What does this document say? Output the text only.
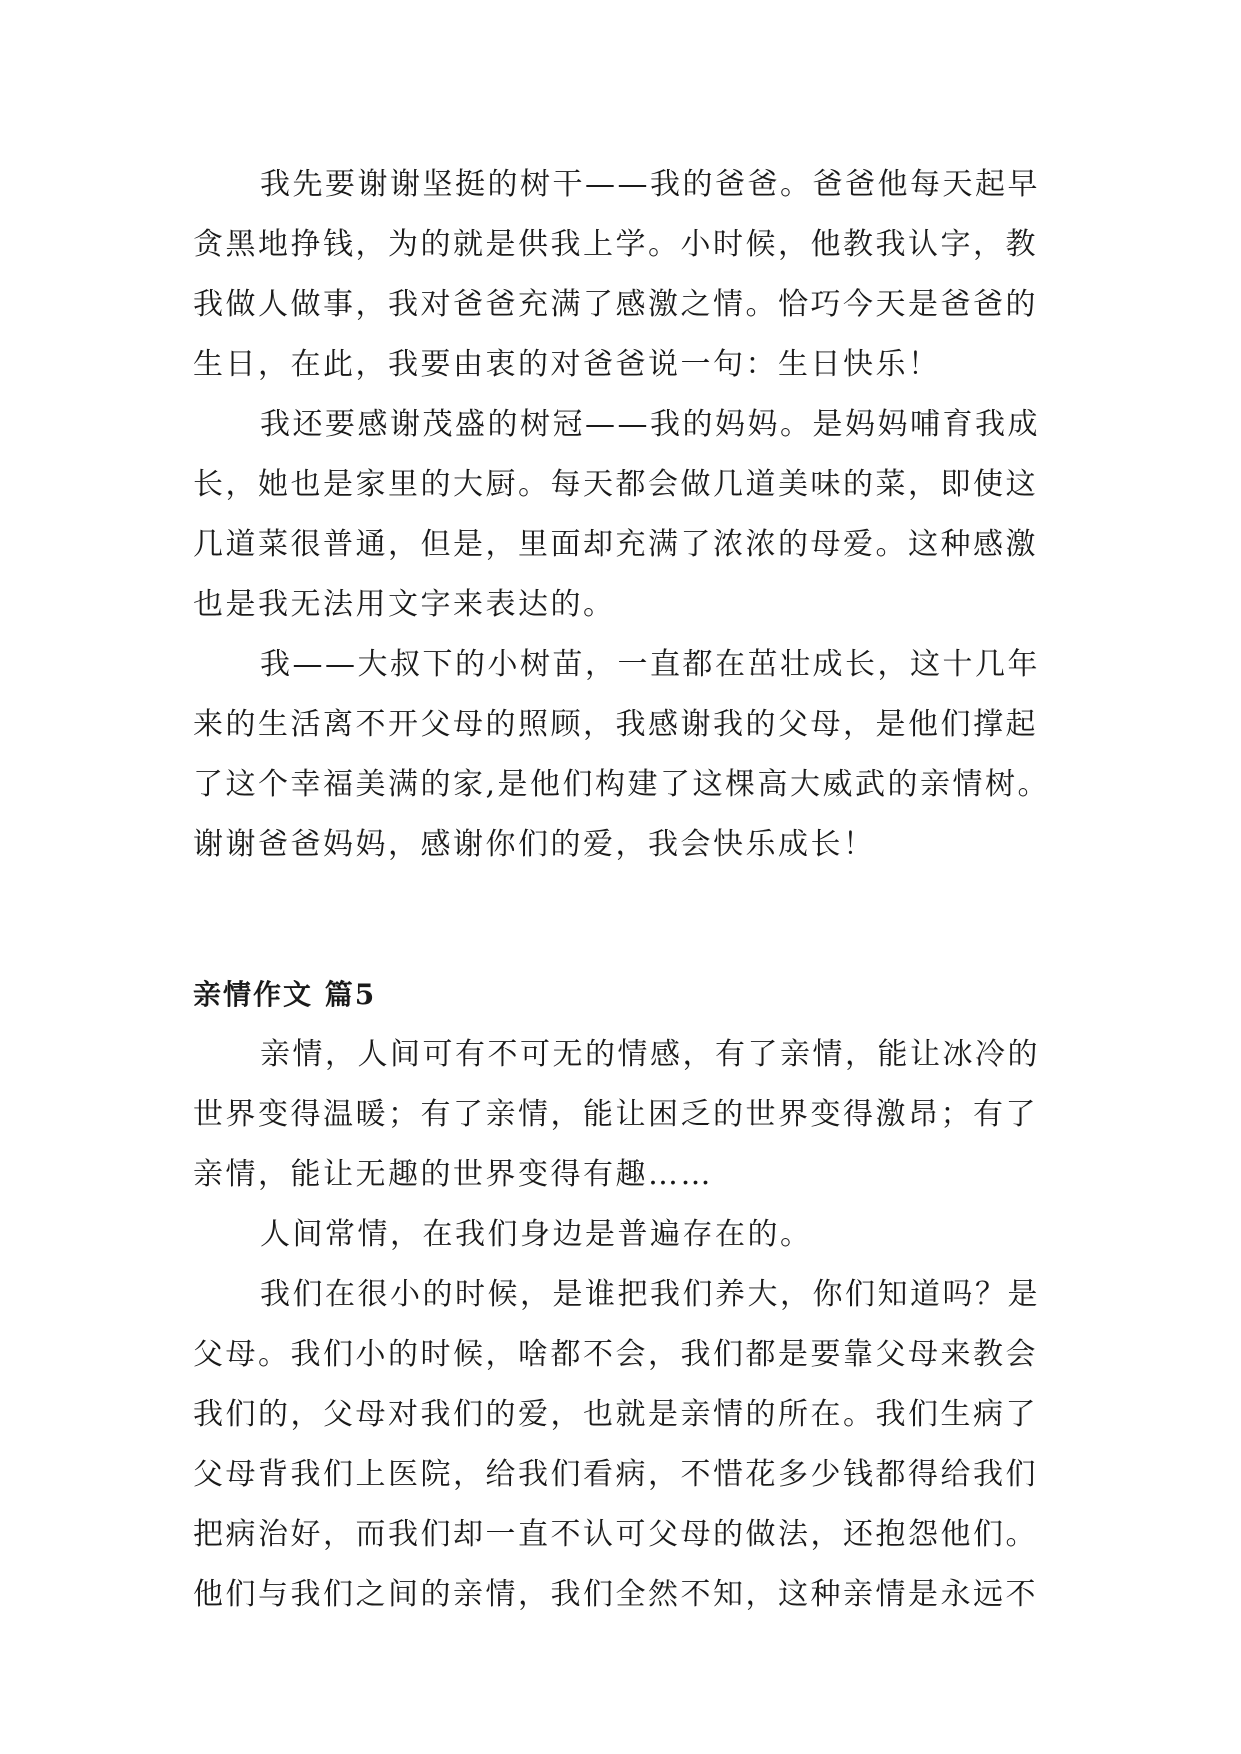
我先要谢谢坚挺的树干——我的爸爸。爸爸他每天起早

贪黑地挣钱，为的就是供我上学。小时候，他教我认字，教

我做人做事，我对爸爸充满了感激之情。恰巧今天是爸爸的

生日，在此，我要由衷的对爸爸说一句：生日快乐！

我还要感谢茂盛的树冠——我的妈妈。是妈妈哺育我成

长，她也是家里的大厨。每天都会做几道美味的菜，即使这

几道菜很普通，但是，里面却充满了浓浓的母爱。这种感激

也是我无法用文字来表达的。

我——大叔下的小树苗，一直都在茁壮成长，这十几年

来的生活离不开父母的照顾，我感谢我的父母，是他们撑起

了这个幸福美满的家,是他们构建了这棵高大威武的亲情树。

谢谢爸爸妈妈，感谢你们的爱，我会快乐成长！

亲情作文 篇5

亲情，人间可有不可无的情感，有了亲情，能让冰冷的

世界变得温暖；有了亲情，能让困乏的世界变得激昂；有了

亲情，能让无趣的世界变得有趣……

人间常情，在我们身边是普遍存在的。

我们在很小的时候，是谁把我们养大，你们知道吗？是

父母。我们小的时候，啥都不会，我们都是要靠父母来教会

我们的，父母对我们的爱，也就是亲情的所在。我们生病了

父母背我们上医院，给我们看病，不惜花多少钱都得给我们

把病治好，而我们却一直不认可父母的做法，还抱怨他们。

他们与我们之间的亲情，我们全然不知，这种亲情是永远不
